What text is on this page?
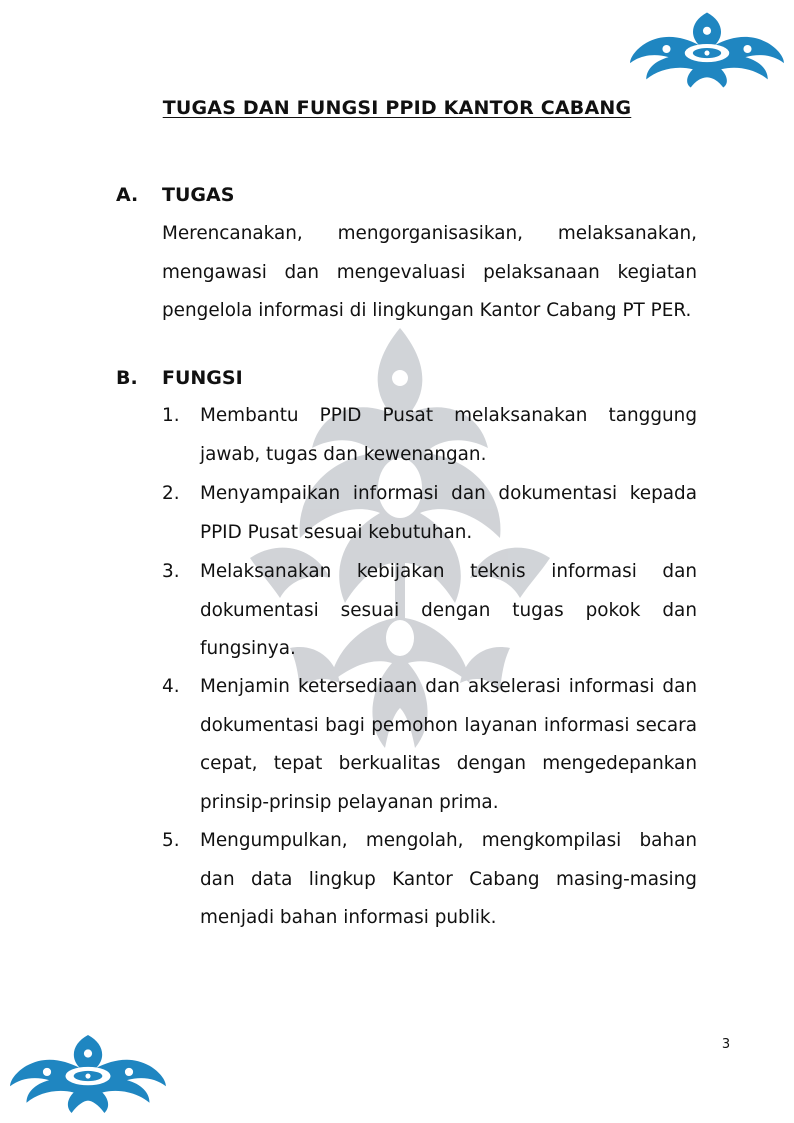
TUGAS DAN FUNGSI PPID KANTOR CABANG
A. TUGAS
Merencanakan, mengorganisasikan, melaksanakan, mengawasi dan mengevaluasi pelaksanaan kegiatan pengelola informasi di lingkungan Kantor Cabang PT PER.
B. FUNGSI
1. Membantu PPID Pusat melaksanakan tanggung jawab, tugas dan kewenangan.
2. Menyampaikan informasi dan dokumentasi kepada PPID Pusat sesuai kebutuhan.
3. Melaksanakan kebijakan teknis informasi dan dokumentasi sesuai dengan tugas pokok dan fungsinya.
4. Menjamin ketersediaan dan akselerasi informasi dan dokumentasi bagi pemohon layanan informasi secara cepat, tepat berkualitas dengan mengedepankan prinsip-prinsip pelayanan prima.
5. Mengumpulkan, mengolah, mengkompilasi bahan dan data lingkup Kantor Cabang masing-masing menjadi bahan informasi publik.
3
